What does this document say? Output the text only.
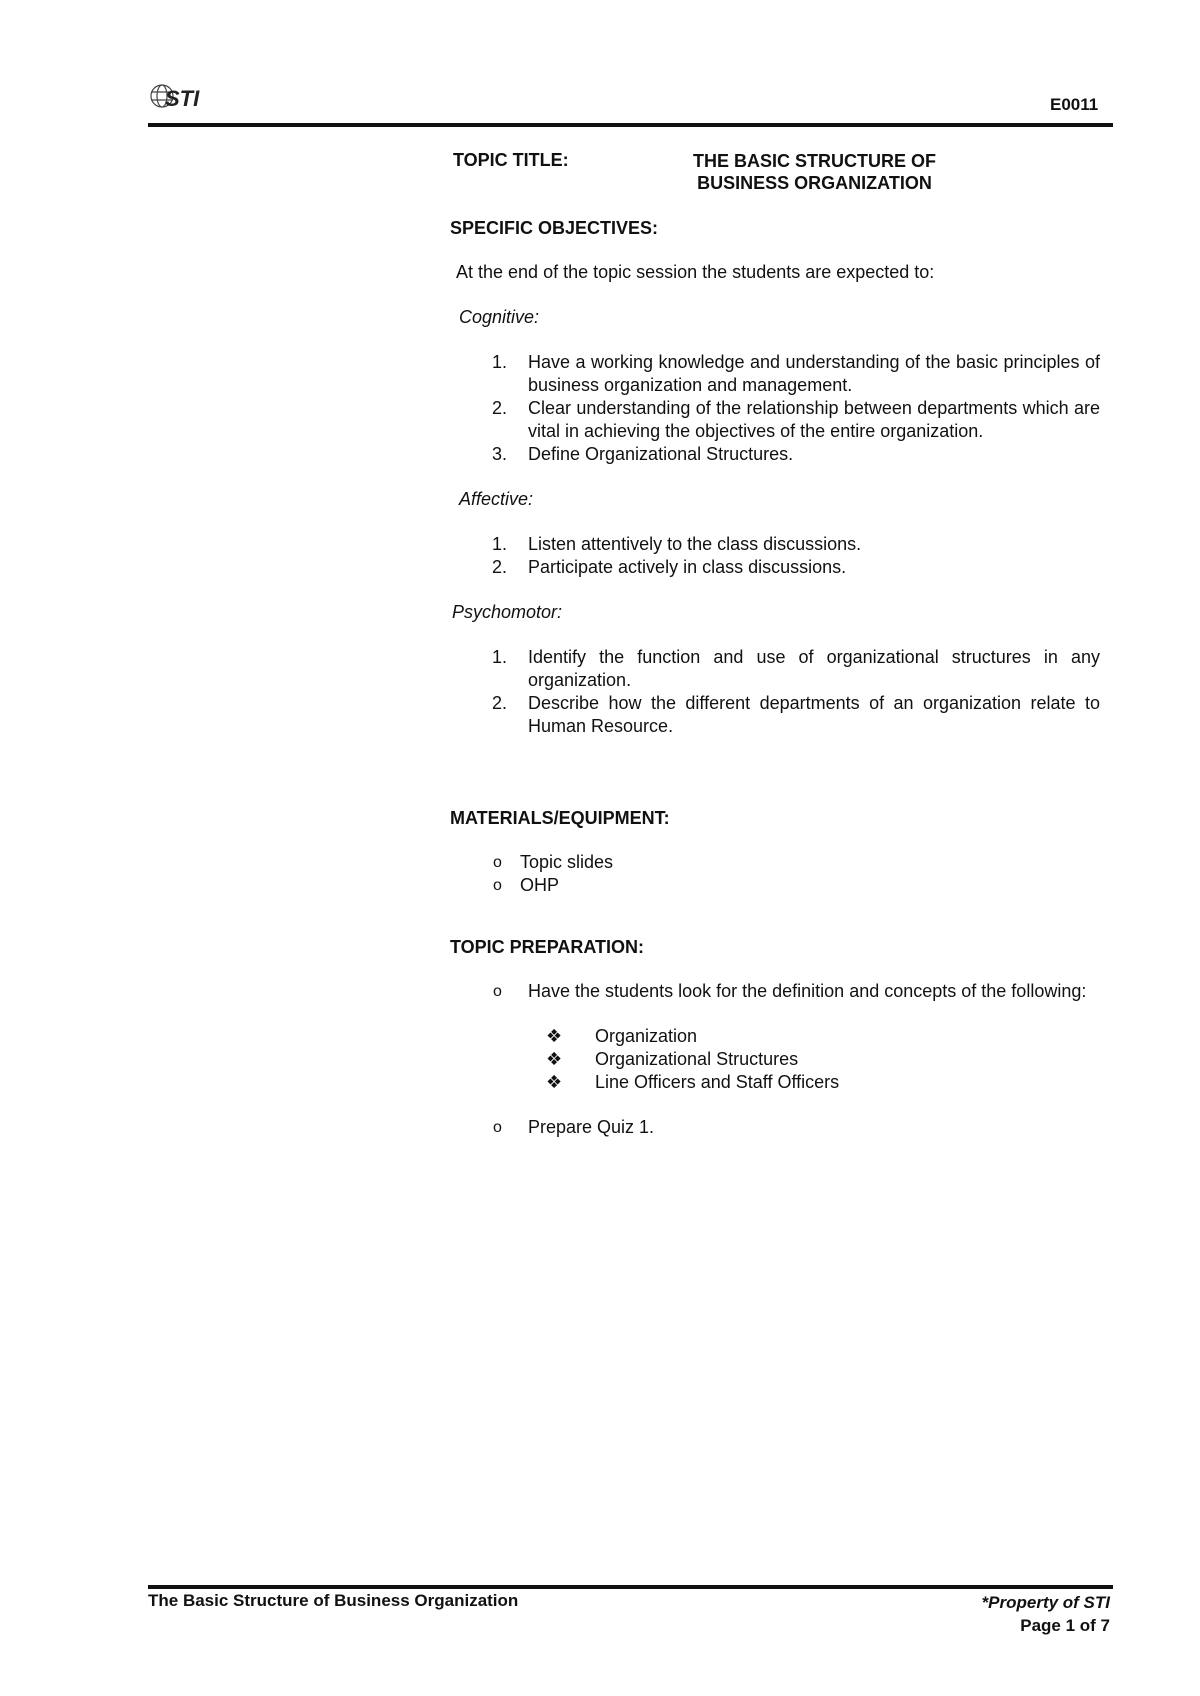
STI	E0011
TOPIC TITLE:	THE BASIC STRUCTURE OF
BUSINESS ORGANIZATION
SPECIFIC OBJECTIVES:
At the end of the topic session the students are expected to:
Cognitive:
1. Have a working knowledge and understanding of the basic principles of business organization and management.
2. Clear understanding of the relationship between departments which are vital in achieving the objectives of the entire organization.
3. Define Organizational Structures.
Affective:
1. Listen attentively to the class discussions.
2. Participate actively in class discussions.
Psychomotor:
1. Identify the function and use of organizational structures in any organization.
2. Describe how the different departments of an organization relate to Human Resource.
MATERIALS/EQUIPMENT:
o Topic slides
o OHP
TOPIC PREPARATION:
o Have the students look for the definition and concepts of the following:
❖ Organization
❖ Organizational Structures
❖ Line Officers and Staff Officers
o Prepare Quiz 1.
The Basic Structure of Business Organization	*Property of STI
Page 1 of 7
